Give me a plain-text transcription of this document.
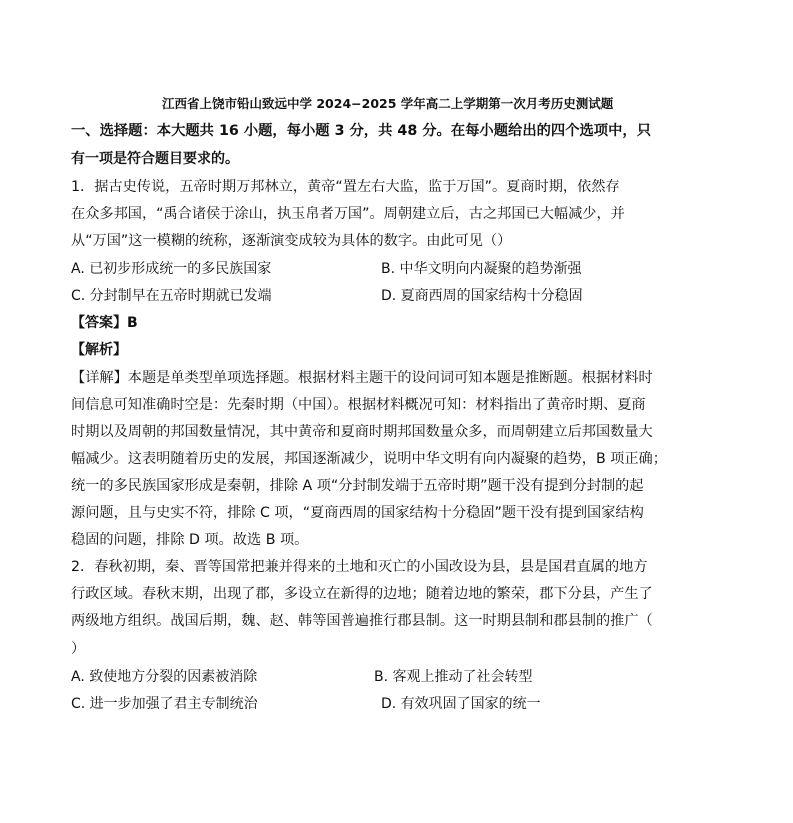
江西省上饶市铅山致远中学 2024−2025 学年高二上学期第一次月考历史测试题
一、选择题：本大题共 16 小题，每小题 3 分，共 48 分。在每小题给出的四个选项中，只
有一项是符合题目要求的。
1．据古史传说，五帝时期万邦林立，黄帝“置左右大监，监于万国”。夏商时期，依然存
在众多邦国，“禹合诸侯于涂山，执玉帛者万国”。周朝建立后，古之邦国已大幅减少，并
从“万国”这一模糊的统称，逐渐演变成较为具体的数字。由此可见（）
A. 已初步形成统一的多民族国家	B. 中华文明向内凝聚的趋势渐强
C. 分封制早在五帝时期就已发端	D. 夏商西周的国家结构十分稳固
【答案】B
【解析】
【详解】本题是单类型单项选择题。根据材料主题干的设问词可知本题是推断题。根据材料时
间信息可知准确时空是：先秦时期（中国）。根据材料概况可知：材料指出了黄帝时期、夏商
时期以及周朝的邦国数量情况，其中黄帝和夏商时期邦国数量众多，而周朝建立后邦国数量大
幅减少。这表明随着历史的发展，邦国逐渐减少，说明中华文明有向内凝聚的趋势，B 项正确；
统一的多民族国家形成是秦朝，排除 A 项“分封制发端于五帝时期”题干没有提到分封制的起
源问题，且与史实不符，排除 C 项，“夏商西周的国家结构十分稳固”题干没有提到国家结构
稳固的问题，排除 D 项。故选 B 项。
2．春秋初期，秦、晋等国常把兼并得来的土地和灭亡的小国改设为县，县是国君直属的地方
行政区域。春秋末期，出现了郡，多设立在新得的边地；随着边地的繁荣，郡下分县，产生了
两级地方组织。战国后期，魏、赵、韩等国普遍推行郡县制。这一时期县制和郡县制的推广（
）
A. 致使地方分裂的因素被消除	B. 客观上推动了社会转型
C. 进一步加强了君主专制统治	D. 有效巩固了国家的统一
